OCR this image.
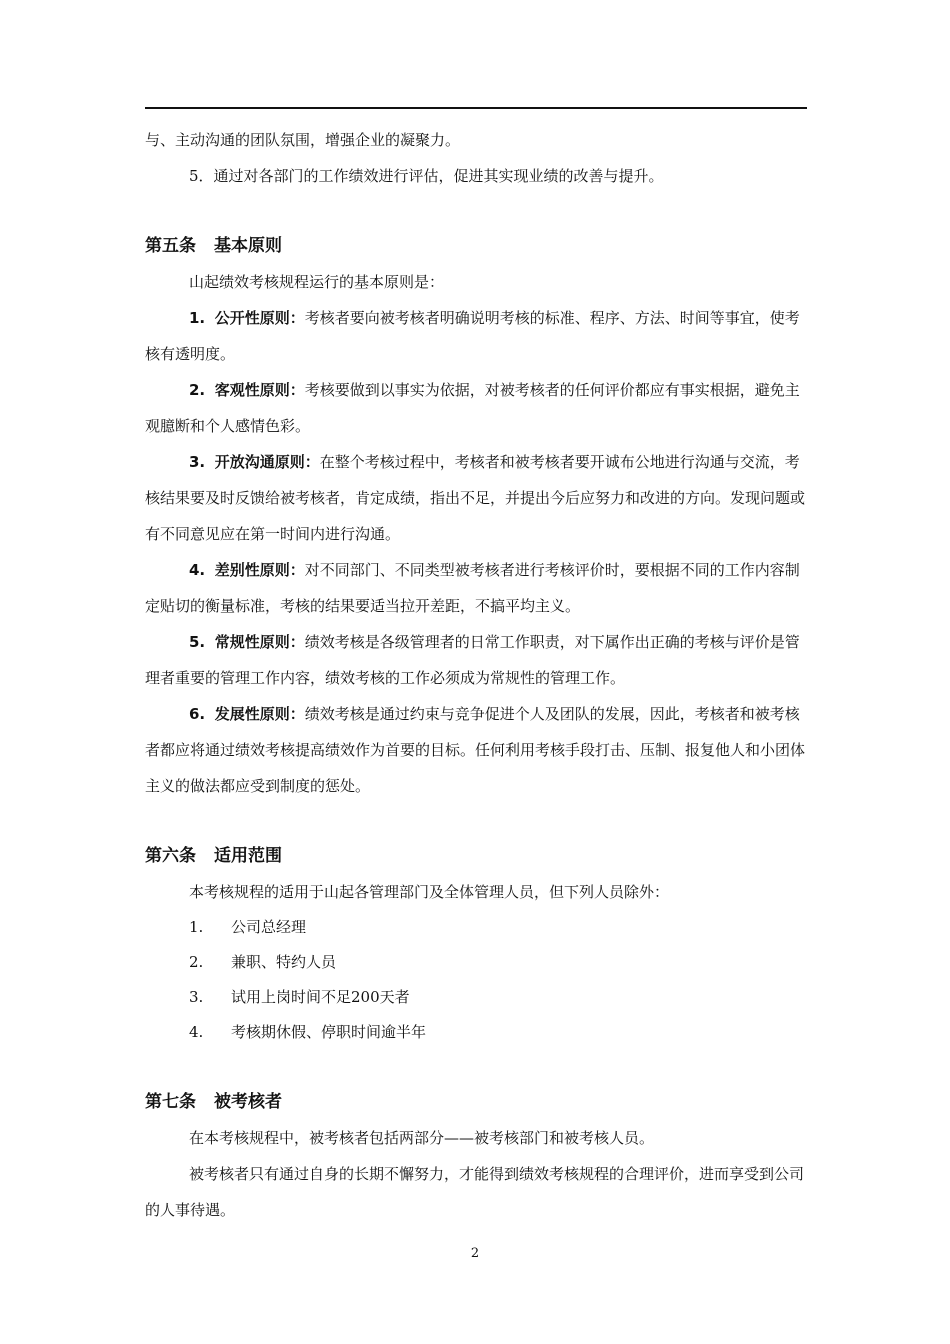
与、主动沟通的团队氛围，增强企业的凝聚力。

5．通过对各部门的工作绩效进行评估，促进其实现业绩的改善与提升。

第五条 基本原则

山起绩效考核规程运行的基本原则是：

1. 公开性原则：考核者要向被考核者明确说明考核的标准、程序、方法、时间等事宜，使考核有透明度。

2. 客观性原则：考核要做到以事实为依据，对被考核者的任何评价都应有事实根据，避免主观臆断和个人感情色彩。

3. 开放沟通原则：在整个考核过程中，考核者和被考核者要开诚布公地进行沟通与交流，考核结果要及时反馈给被考核者，肯定成绩，指出不足，并提出今后应努力和改进的方向。发现问题或有不同意见应在第一时间内进行沟通。

4. 差别性原则：对不同部门、不同类型被考核者进行考核评价时，要根据不同的工作内容制定贴切的衡量标准，考核的结果要适当拉开差距，不搞平均主义。

5. 常规性原则：绩效考核是各级管理者的日常工作职责，对下属作出正确的考核与评价是管理者重要的管理工作内容，绩效考核的工作必须成为常规性的管理工作。

6. 发展性原则：绩效考核是通过约束与竞争促进个人及团队的发展，因此，考核者和被考核者都应将通过绩效考核提高绩效作为首要的目标。任何利用考核手段打击、压制、报复他人和小团体主义的做法都应受到制度的惩处。

第六条 适用范围

本考核规程的适用于山起各管理部门及全体管理人员，但下列人员除外：

1. 公司总经理
2. 兼职、特约人员
3. 试用上岗时间不足200天者
4. 考核期休假、停职时间逾半年
第七条 被考核者

在本考核规程中，被考核者包括两部分——被考核部门和被考核人员。

被考核者只有通过自身的长期不懈努力，才能得到绩效考核规程的合理评价，进而享受到公司的人事待遇。

2
